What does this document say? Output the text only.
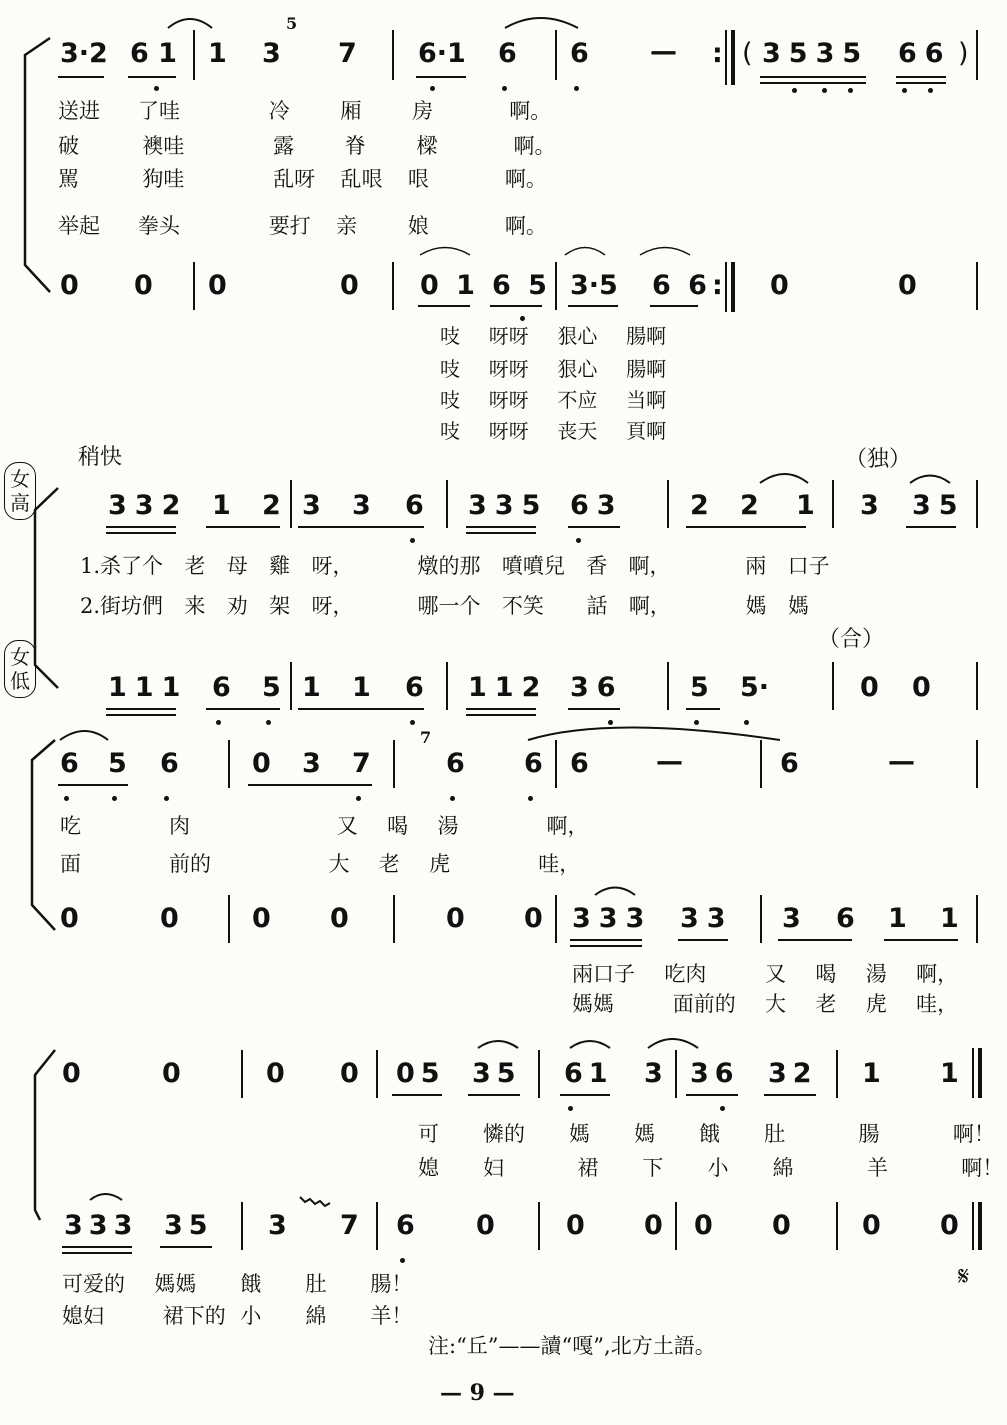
3·2 6 1 1 3
5
7 6·1 6 6 — : ( 3535 66 )
送进   了哇       冷    厢    房      啊。
破     襖哇       露    脊    樑      啊。
駡     狗哇       乱呀  乱哏  哏      啊。
举起   拳头       要打  亲    娘      啊。
0 0 0	0 0 1 6 5 3·5 6 6 : 0	0
吱  呀呀  狠心  腸啊
吱  呀呀  狠心  腸啊
吱  呀呀  不应  当啊
吱  呀呀  丧天  頁啊
稍快	（独）
女高
女低
332 1 2 3 3 6 335 63 2 2 1 3 35
1.杀了个  老  母  雞  呀，      燉的那  噴噴兒  香  啊，       兩  口子
2.街坊們  来  劝  架  呀，      哪一个  不笑    話  啊，       媽  媽
（合）
111 6 5 1 1 6 112 36 5 5·	0 0
6 5 6	0 3 7
7
6 6 6 —	6	—
吃      肉          又  喝  湯      啊，
面      前的        大  老  虎      哇，
0	0	0 0	0 0 333 33 3 6 1 1
兩口子  吃肉    又  喝  湯  啊，
媽媽    面前的  大  老  虎  哇，
0	0	0 0 05 35 61 3 36 32 1 1
可   憐的   媽   媽   餓   肚     腸     啊！
媳   妇     裙   下   小   綿     羊     啊！
333 35 3 7 6 0	0 0 0 0	0 0
可爱的  媽媽   餓   肚   腸！
媳妇    裙下的 小   綿   羊！
𝄋
注:“丘”——讀“嘎”,北方土語。
— 9 —
